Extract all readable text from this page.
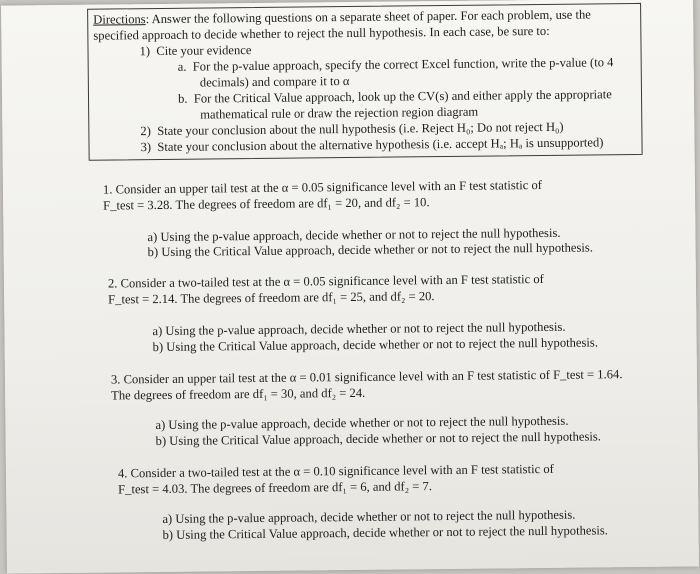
Directions: Answer the following questions on a separate sheet of paper. For each problem, use the
specified approach to decide whether to reject the null hypothesis. In each case, be sure to:
1) Cite your evidence
a. For the p-value approach, specify the correct Excel function, write the p-value (to 4
decimals) and compare it to α
b. For the Critical Value approach, look up the CV(s) and either apply the appropriate
mathematical rule or draw the rejection region diagram
2) State your conclusion about the null hypothesis (i.e. Reject H₀; Do not reject H₀)
3) State your conclusion about the alternative hypothesis (i.e. accept Hₐ; Hₐ is unsupported)
1. Consider an upper tail test at the α = 0.05 significance level with an F test statistic of
F_test = 3.28. The degrees of freedom are df₁ = 20, and df₂ = 10.
a) Using the p-value approach, decide whether or not to reject the null hypothesis.
b) Using the Critical Value approach, decide whether or not to reject the null hypothesis.
2. Consider a two-tailed test at the α = 0.05 significance level with an F test statistic of
F_test = 2.14. The degrees of freedom are df₁ = 25, and df₂ = 20.
a) Using the p-value approach, decide whether or not to reject the null hypothesis.
b) Using the Critical Value approach, decide whether or not to reject the null hypothesis.
3. Consider an upper tail test at the α = 0.01 significance level with an F test statistic of F_test = 1.64.
The degrees of freedom are df₁ = 30, and df₂ = 24.
a) Using the p-value approach, decide whether or not to reject the null hypothesis.
b) Using the Critical Value approach, decide whether or not to reject the null hypothesis.
4. Consider a two-tailed test at the α = 0.10 significance level with an F test statistic of
F_test = 4.03. The degrees of freedom are df₁ = 6, and df₂ = 7.
a) Using the p-value approach, decide whether or not to reject the null hypothesis.
b) Using the Critical Value approach, decide whether or not to reject the null hypothesis.
